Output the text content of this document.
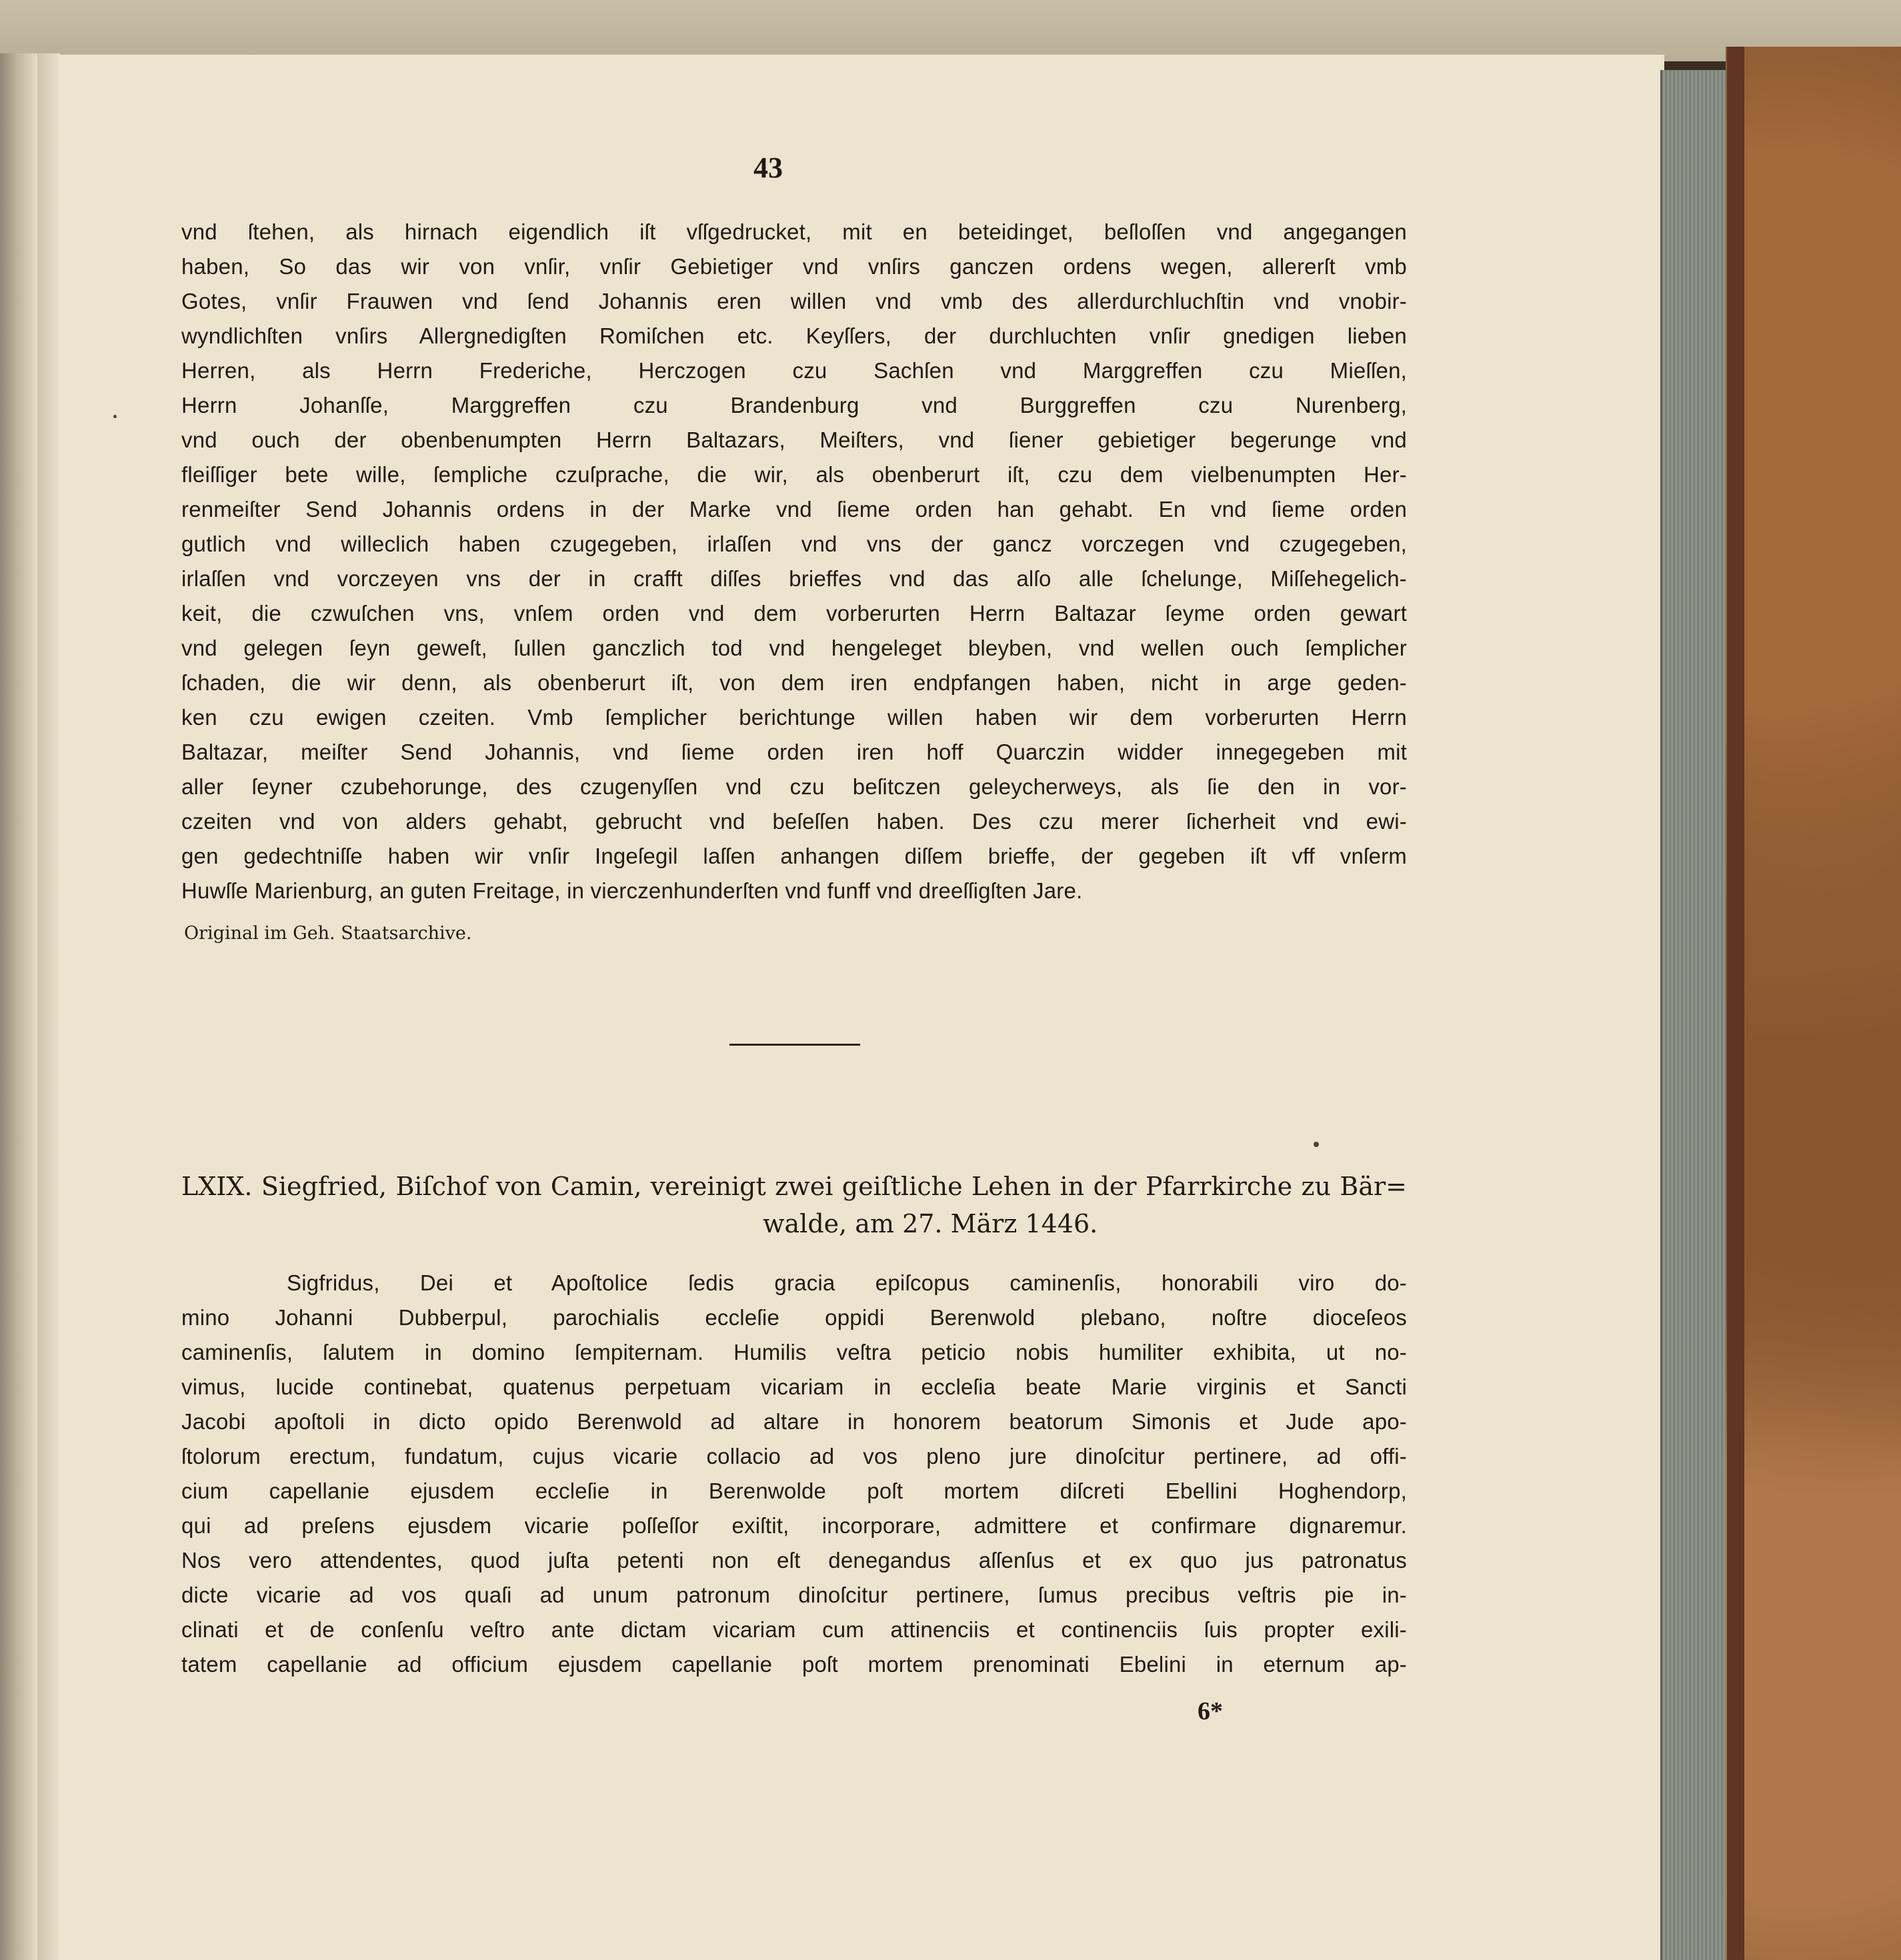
43
vnd ſtehen, als hirnach eigendlich iſt vſſgedrucket, mit en beteidinget, beſloſſen vnd angegangen
haben, So das wir von vnſir, vnſir Gebietiger vnd vnſirs ganczen ordens wegen, allererſt vmb
Gotes, vnſir Frauwen vnd ſend Johannis eren willen vnd vmb des allerdurchluchſtin vnd vnobir-
wyndlichſten vnſirs Allergnedigſten Romiſchen etc. Keyſſers, der durchluchten vnſir gnedigen lieben
Herren, als Herrn Frederiche, Herczogen czu Sachſen vnd Marggreffen czu Mieſſen,
Herrn Johanſſe, Marggreffen czu Brandenburg vnd Burggreffen czu Nurenberg,
vnd ouch der obenbenumpten Herrn Baltazars, Meiſters, vnd ſiener gebietiger begerunge vnd
fleiſſiger bete wille, ſempliche czuſprache, die wir, als obenberurt iſt, czu dem vielbenumpten Her-
renmeiſter Send Johannis ordens in der Marke vnd ſieme orden han gehabt. En vnd ſieme orden
gutlich vnd willeclich haben czugegeben, irlaſſen vnd vns der gancz vorczegen vnd czugegeben,
irlaſſen vnd vorczeyen vns der in crafft diſſes brieffes vnd das alſo alle ſchelunge, Miſſehegelich-
keit, die czwuſchen vns, vnſem orden vnd dem vorberurten Herrn Baltazar ſeyme orden gewart
vnd gelegen ſeyn geweſt, ſullen ganczlich tod vnd hengeleget bleyben, vnd wellen ouch ſemplicher
ſchaden, die wir denn, als obenberurt iſt, von dem iren endpfangen haben, nicht in arge geden-
ken czu ewigen czeiten. Vmb ſemplicher berichtunge willen haben wir dem vorberurten Herrn
Baltazar, meiſter Send Johannis, vnd ſieme orden iren hoff Quarczin widder innegegeben mit
aller ſeyner czubehorunge, des czugenyſſen vnd czu beſitczen geleycherweys, als ſie den in vor-
czeiten vnd von alders gehabt, gebrucht vnd beſeſſen haben. Des czu merer ſicherheit vnd ewi-
gen gedechtniſſe haben wir vnſir Ingeſegil laſſen anhangen diſſem brieffe, der gegeben iſt vff vnſerm
Huwſſe Marienburg, an guten Freitage, in vierczenhunderſten vnd funff vnd dreeſſigſten Jare.
Original im Geh. Staatsarchive.
LXIX. Siegfried, Biſchof von Camin, vereinigt zwei geiſtliche Lehen in der Pfarrkirche zu Bär=
walde, am 27. März 1446.
Sigfridus, Dei et Apoſtolice ſedis gracia epiſcopus caminenſis, honorabili viro do-
mino Johanni Dubberpul, parochialis eccleſie oppidi Berenwold plebano, noſtre dioceſeos
caminenſis, ſalutem in domino ſempiternam. Humilis veſtra peticio nobis humiliter exhibita, ut no-
vimus, lucide continebat, quatenus perpetuam vicariam in eccleſia beate Marie virginis et Sancti
Jacobi apoſtoli in dicto opido Berenwold ad altare in honorem beatorum Simonis et Jude apo-
ſtolorum erectum, fundatum, cujus vicarie collacio ad vos pleno jure dinoſcitur pertinere, ad offi-
cium capellanie ejusdem eccleſie in Berenwolde poſt mortem diſcreti Ebellini Hoghendorp,
qui ad preſens ejusdem vicarie poſſeſſor exiſtit, incorporare, admittere et confirmare dignaremur.
Nos vero attendentes, quod juſta petenti non eſt denegandus aſſenſus et ex quo jus patronatus
dicte vicarie ad vos quaſi ad unum patronum dinoſcitur pertinere, ſumus precibus veſtris pie in-
clinati et de conſenſu veſtro ante dictam vicariam cum attinenciis et continenciis ſuis propter exili-
tatem capellanie ad officium ejusdem capellanie poſt mortem prenominati Ebelini in eternum ap-
6*
